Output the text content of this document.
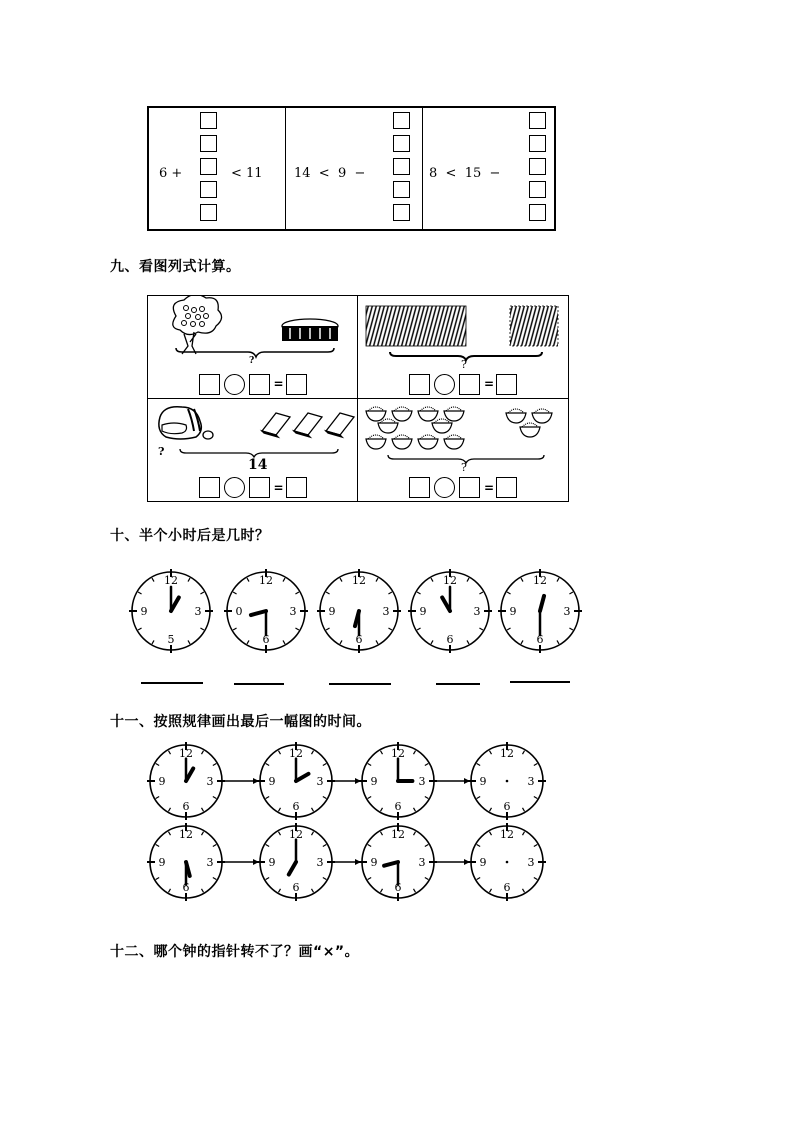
6 +	< 11 14  <  9  −	8  <  15  −
九、看图列式计算。
?
=
?
=
?
14
=
?
=
十、半个小时后是几时？
12
3
5
9
12
3
6
0
12
3
6
9
12
3
6
9
12
3
6
9
十一、按照规律画出最后一幅图的时间。
12
3
6
9
12
3
6
9
12
3
6
9
12
3
6
9
12
3
6
9
12
3
6
9
12
3
6
9
12
3
6
9
十二、哪个钟的指针转不了？画“×”。
